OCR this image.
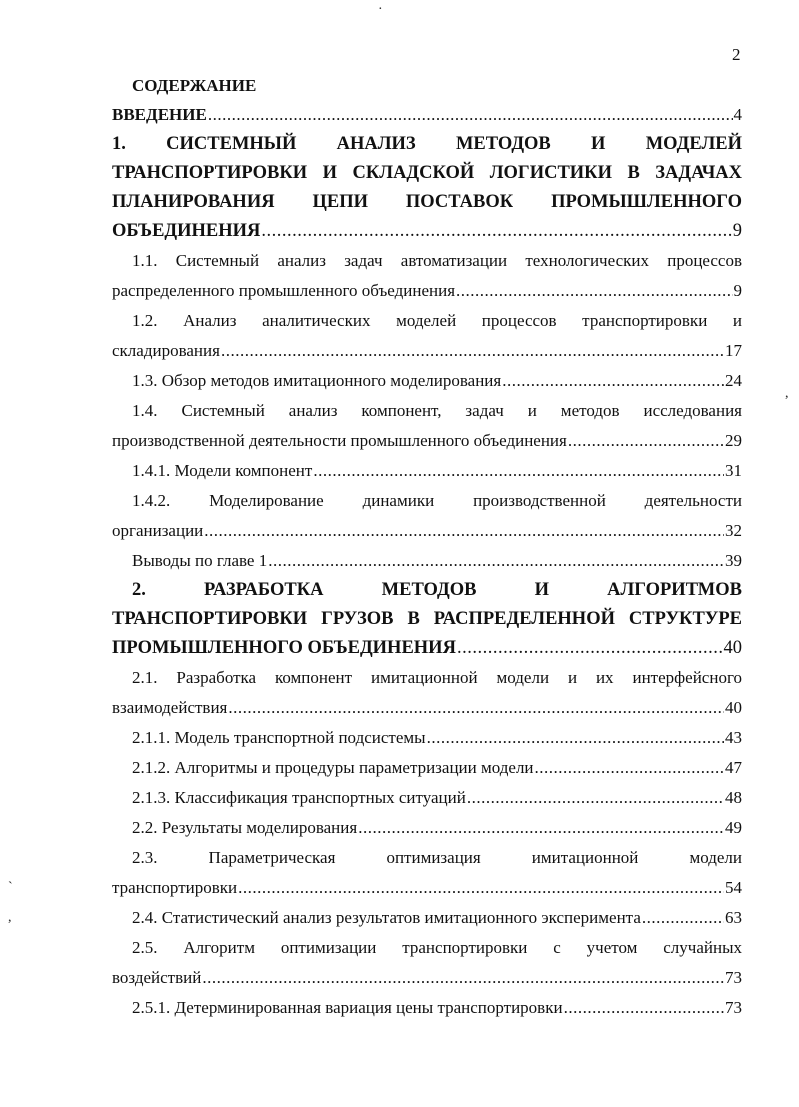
·
,
`
,
2
СОДЕРЖАНИЕ
ВВЕДЕНИЕ .....	4
1. СИСТЕМНЫЙ АНАЛИЗ МЕТОДОВ И МОДЕЛЕЙ
ТРАНСПОРТИРОВКИ И СКЛАДСКОЙ ЛОГИСТИКИ В ЗАДАЧАХ
ПЛАНИРОВАНИЯ ЦЕПИ ПОСТАВОК ПРОМЫШЛЕННОГО
ОБЪЕДИНЕНИЯ .....	9
1.1. Системный анализ задач автоматизации технологических процессов
распределенного промышленного объединения .....	9
1.2. Анализ аналитических моделей процессов транспортировки и
складирования .....	17
1.3. Обзор методов имитационного моделирования .....	24
1.4. Системный анализ компонент, задач и методов исследования
производственной деятельности промышленного объединения .....	29
1.4.1. Модели компонент .....	31
1.4.2. Моделирование динамики производственной деятельности
организации .....	32
Выводы по главе 1 .....	39
2. РАЗРАБОТКА МЕТОДОВ И АЛГОРИТМОВ
ТРАНСПОРТИРОВКИ ГРУЗОВ В РАСПРЕДЕЛЕННОЙ СТРУКТУРЕ
ПРОМЫШЛЕННОГО ОБЪЕДИНЕНИЯ .....	40
2.1. Разработка компонент имитационной модели и их интерфейсного
взаимодействия .....	40
2.1.1. Модель транспортной подсистемы .....	43
2.1.2. Алгоритмы и процедуры параметризации модели .....	47
2.1.3. Классификация транспортных ситуаций .....	48
2.2. Результаты моделирования .....	49
2.3. Параметрическая оптимизация имитационной модели
транспортировки .....	54
2.4. Статистический анализ результатов имитационного эксперимента .....	63
2.5. Алгоритм оптимизации транспортировки с учетом случайных
воздействий .....	73
2.5.1. Детерминированная вариация цены транспортировки .....	73
